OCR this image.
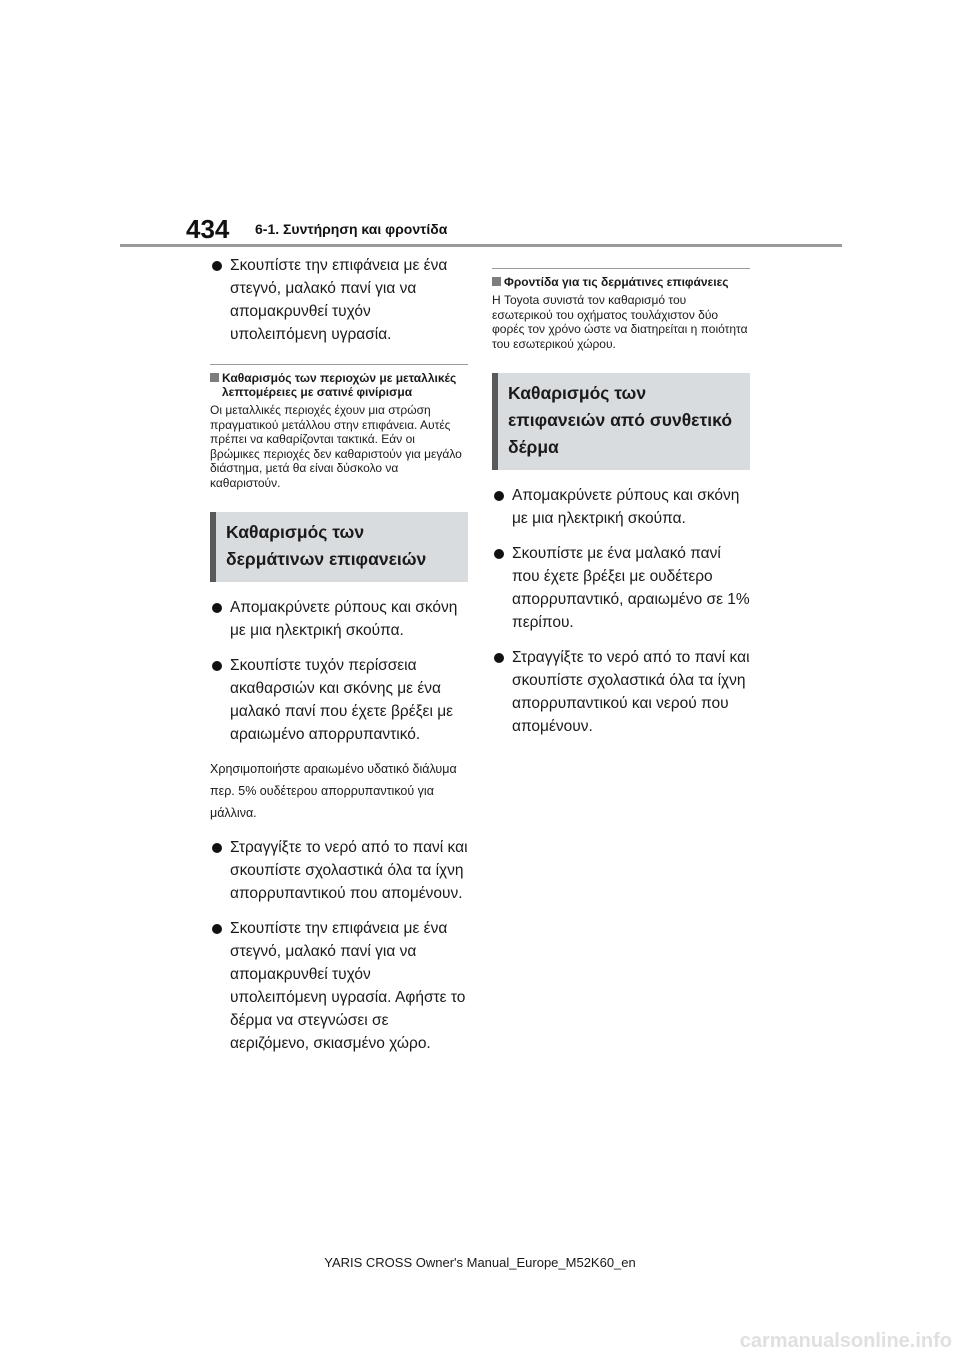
434 6-1. Συντήρηση και φροντίδα
Σκουπίστε την επιφάνεια με ένα στεγνό, μαλακό πανί για να απομακρυνθεί τυχόν υπολειπόμενη υγρασία.
Καθαρισμός των περιοχών με μεταλλικές λεπτομέρειες με σατινέ φινίρισμα

Οι μεταλλικές περιοχές έχουν μια στρώση πραγματικού μετάλλου στην επιφάνεια. Αυτές πρέπει να καθαρίζονται τακτικά. Εάν οι βρώμικες περιοχές δεν καθαριστούν για μεγάλο διάστημα, μετά θα είναι δύσκολο να καθαριστούν.

Καθαρισμός των δερμάτινων επιφανειών
Απομακρύνετε ρύπους και σκόνη με μια ηλεκτρική σκούπα.
Σκουπίστε τυχόν περίσσεια ακαθαρσιών και σκόνης με ένα μαλακό πανί που έχετε βρέξει με αραιωμένο απορρυπαντικό.

Χρησιμοποιήστε αραιωμένο υδατικό διάλυμα περ. 5% ουδέτερου απορρυπαντικού για μάλλινα.

Στραγγίξτε το νερό από το πανί και σκουπίστε σχολαστικά όλα τα ίχνη απορρυπαντικού που απομένουν.
Σκουπίστε την επιφάνεια με ένα στεγνό, μαλακό πανί για να απομακρυνθεί τυχόν υπολειπόμενη υγρασία. Αφήστε το δέρμα να στεγνώσει σε αεριζόμενο, σκιασμένο χώρο.
Φροντίδα για τις δερμάτινες επιφάνειες

Η Toyota συνιστά τον καθαρισμό του εσωτερικού του οχήματος τουλάχιστον δύο φορές τον χρόνο ώστε να διατηρείται η ποιότητα του εσωτερικού χώρου.

Καθαρισμός των επιφανειών από συνθετικό δέρμα
Απομακρύνετε ρύπους και σκόνη με μια ηλεκτρική σκούπα.
Σκουπίστε με ένα μαλακό πανί που έχετε βρέξει με ουδέτερο απορρυπαντικό, αραιωμένο σε 1% περίπου.
Στραγγίξτε το νερό από το πανί και σκουπίστε σχολαστικά όλα τα ίχνη απορρυπαντικού και νερού που απομένουν.
YARIS CROSS Owner's Manual_Europe_M52K60_en
carmanualsonline.info
